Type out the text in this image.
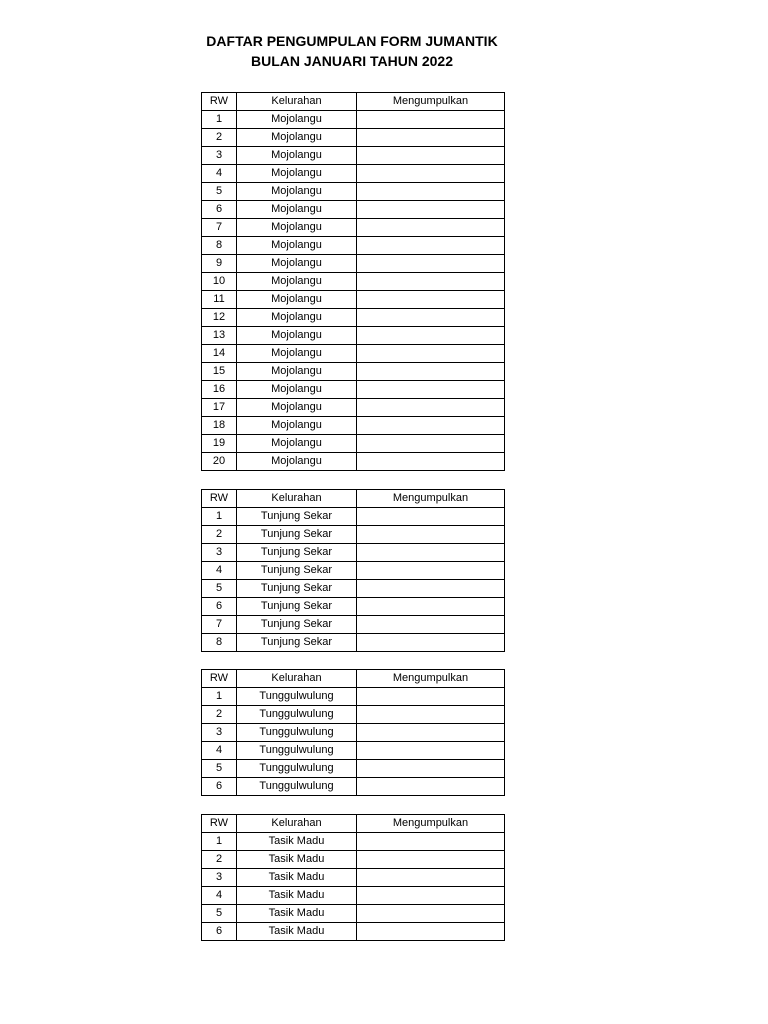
DAFTAR PENGUMPULAN FORM JUMANTIK
BULAN JANUARI TAHUN 2022
RW	Kelurahan	Mengumpulkan
1	Mojolangu	
2	Mojolangu	
3	Mojolangu	
4	Mojolangu	
5	Mojolangu	
6	Mojolangu	
7	Mojolangu	
8	Mojolangu	
9	Mojolangu	
10	Mojolangu	
11	Mojolangu	
12	Mojolangu	
13	Mojolangu	
14	Mojolangu	
15	Mojolangu	
16	Mojolangu	
17	Mojolangu	
18	Mojolangu	
19	Mojolangu	
20	Mojolangu	
RW	Kelurahan	Mengumpulkan
1	Tunjung Sekar	
2	Tunjung Sekar	
3	Tunjung Sekar	
4	Tunjung Sekar	
5	Tunjung Sekar	
6	Tunjung Sekar	
7	Tunjung Sekar	
8	Tunjung Sekar	
RW	Kelurahan	Mengumpulkan
1	Tunggulwulung	
2	Tunggulwulung	
3	Tunggulwulung	
4	Tunggulwulung	
5	Tunggulwulung	
6	Tunggulwulung	
RW	Kelurahan	Mengumpulkan
1	Tasik Madu	
2	Tasik Madu	
3	Tasik Madu	
4	Tasik Madu	
5	Tasik Madu	
6	Tasik Madu	
